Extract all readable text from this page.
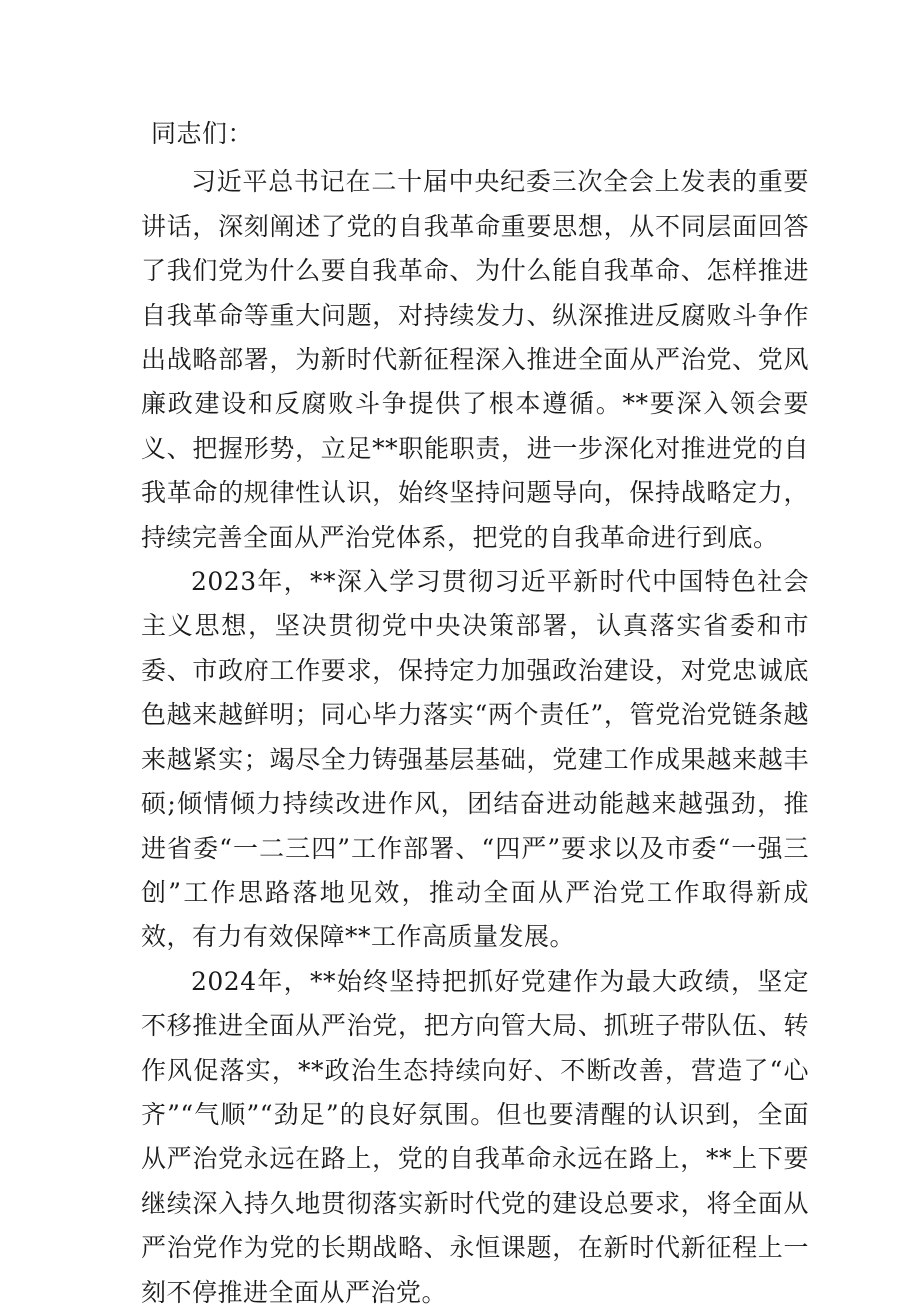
同志们：

习近平总书记在二十届中央纪委三次全会上发表的重要讲话，深刻阐述了党的自我革命重要思想，从不同层面回答了我们党为什么要自我革命、为什么能自我革命、怎样推进自我革命等重大问题，对持续发力、纵深推进反腐败斗争作出战略部署，为新时代新征程深入推进全面从严治党、党风廉政建设和反腐败斗争提供了根本遵循。**要深入领会要义、把握形势，立足**职能职责，进一步深化对推进党的自我革命的规律性认识，始终坚持问题导向，保持战略定力，持续完善全面从严治党体系，把党的自我革命进行到底。

2023年，**深入学习贯彻习近平新时代中国特色社会主义思想，坚决贯彻党中央决策部署，认真落实省委和市委、市政府工作要求，保持定力加强政治建设，对党忠诚底色越来越鲜明；同心毕力落实“两个责任”，管党治党链条越来越紧实；竭尽全力铸强基层基础，党建工作成果越来越丰硕;倾情倾力持续改进作风，团结奋进动能越来越强劲，推进省委“一二三四”工作部署、“四严”要求以及市委“一强三创”工作思路落地见效，推动全面从严治党工作取得新成效，有力有效保障**工作高质量发展。

2024年，**始终坚持把抓好党建作为最大政绩，坚定不移推进全面从严治党，把方向管大局、抓班子带队伍、转作风促落实，**政治生态持续向好、不断改善，营造了“心齐”“气顺”“劲足”的良好氛围。但也要清醒的认识到，全面从严治党永远在路上，党的自我革命永远在路上，**上下要继续深入持久地贯彻落实新时代党的建设总要求，将全面从严治党作为党的长期战略、永恒课题，在新时代新征程上一刻不停推进全面从严治党。
